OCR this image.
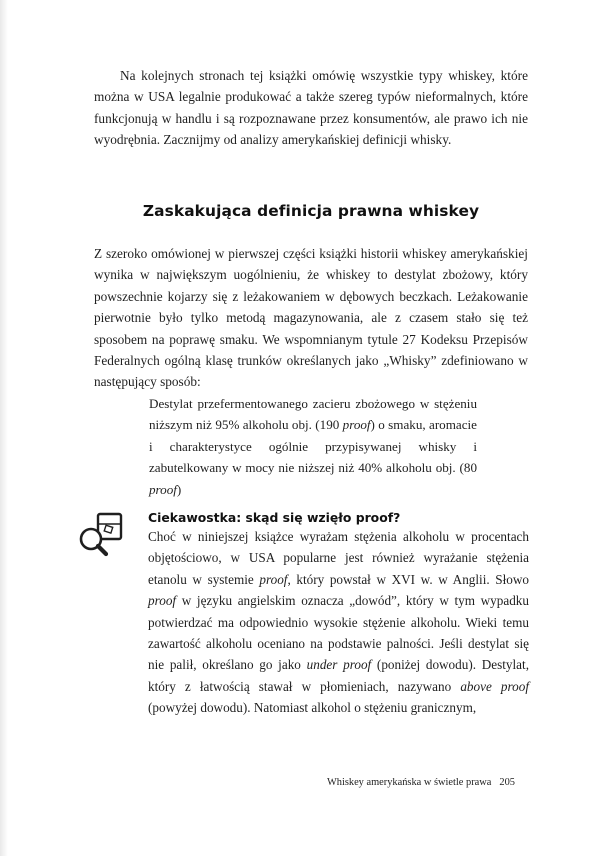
Na kolejnych stronach tej książki omówię wszystkie typy whiskey, które można w USA legalnie produkować a także szereg typów nieformalnych, które funkcjonują w handlu i są rozpoznawane przez konsumentów, ale prawo ich nie wyodrębnia. Zacznijmy od analizy amerykańskiej definicji whisky.

Zaskakująca definicja prawna whiskey

Z szeroko omówionej w pierwszej części książki historii whiskey amerykańskiej wynika w największym uogólnieniu, że whiskey to destylat zbożowy, który powszechnie kojarzy się z leżakowaniem w dębowych beczkach. Leżakowanie pierwotnie było tylko metodą magazynowania, ale z czasem stało się też sposobem na poprawę smaku. We wspomnianym tytule 27 Kodeksu Przepisów Federalnych ogólną klasę trunków określanych jako „Whisky” zdefiniowano w następujący sposób:

Destylat przefermentowanego zacieru zbożowego w stężeniu niższym niż 95% alkoholu obj. (190 proof) o smaku, aromacie i charakterystyce ogólnie przypisywanej whisky i zabutelkowany w mocy nie niższej niż 40% alkoholu obj. (80 proof)

Ciekawostka: skąd się wzięło proof?

Choć w niniejszej książce wyrażam stężenia alkoholu w procentach objętościowo, w USA popularne jest również wyrażanie stężenia etanolu w systemie proof, który powstał w XVI w. w Anglii. Słowo proof w języku angielskim oznacza „dowód”, który w tym wypadku potwierdzać ma odpowiednio wysokie stężenie alkoholu. Wieki temu zawartość alkoholu oceniano na podstawie palności. Jeśli destylat się nie palił, określano go jako under proof (poniżej dowodu). Destylat, który z łatwością stawał w płomieniach, nazywano above proof (powyżej dowodu). Natomiast alkohol o stężeniu granicznym,

Whiskey amerykańska w świetle prawa 205
